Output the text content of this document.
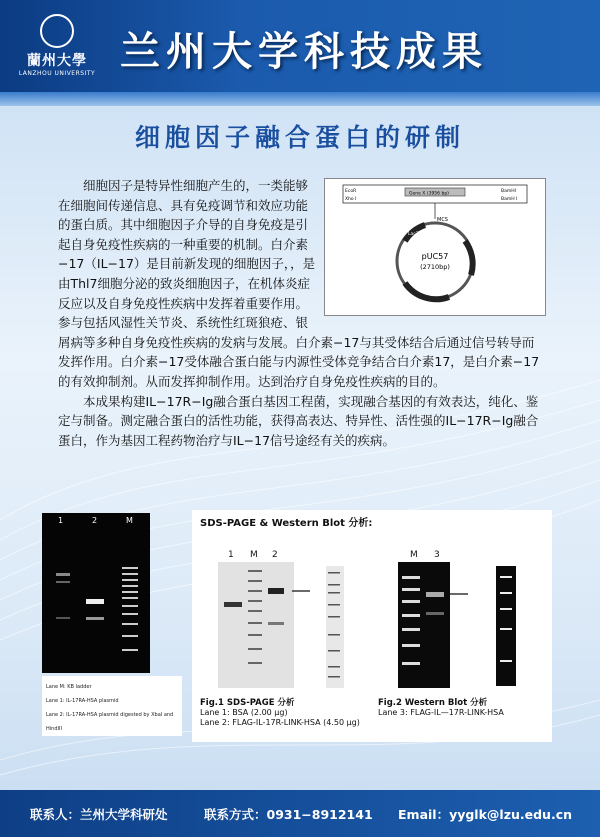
蘭州大學
LANZHOU UNIVERSITY 兰州大学科技成果
细胞因子融合蛋白的研制
EcoR
Xho I
BamHI
BamH I
Gene X (3956 bp)
MCS
LacZ
pUC57
(2710bp)

细胞因子是特异性细胞产生的，一类能够在细胞间传递信息、具有免疫调节和效应功能的蛋白质。其中细胞因子介导的自身免疫是引起自身免疫性疾病的一种重要的机制。白介素−17（IL−17）是目前新发现的细胞因子，，是由Thl7细胞分泌的致炎细胞因子，在机体炎症反应以及自身免疫性疾病中发挥着重要作用。参与包括风湿性关节炎、系统性红斑狼疮、银屑病等多种自身免疫性疾病的发病与发展。白介素−17与其受体结合后通过信号转导而发挥作用。白介素−17受体融合蛋白能与内源性受体竞争结合白介素17，是白介素−17的有效抑制剂。从而发挥抑制作用。达到治疗自身免疫性疾病的目的。

本成果构建IL−17R−Ig融合蛋白基因工程菌，实现融合基因的有效表达，纯化、鉴定与制备。测定融合蛋白的活性功能，获得高表达、特异性、活性强的IL−17R−Ig融合蛋白，作为基因工程药物治疗与IL−17信号途经有关的疾病。

1	2	M
Lane M: KB ladder
Lane 1: IL-17RA-HSA plasmid
Lane 2: IL-17RA-HSA plasmid digested by XbaI and HindIII
SDS-PAGE & Western Blot 分析:
1 M 2	M 3
Fig.1 SDS-PAGE 分析
Lane 1: BSA (2.00 μg)
Lane 2: FLAG-IL-17R-LINK-HSA (4.50 μg)
Fig.2 Western Blot 分析
Lane 3: FLAG-IL—17R-LINK-HSA
联系人：兰州大学科研处	联系方式：0931−8912141 Email：yyglk@lzu.edu.cn
